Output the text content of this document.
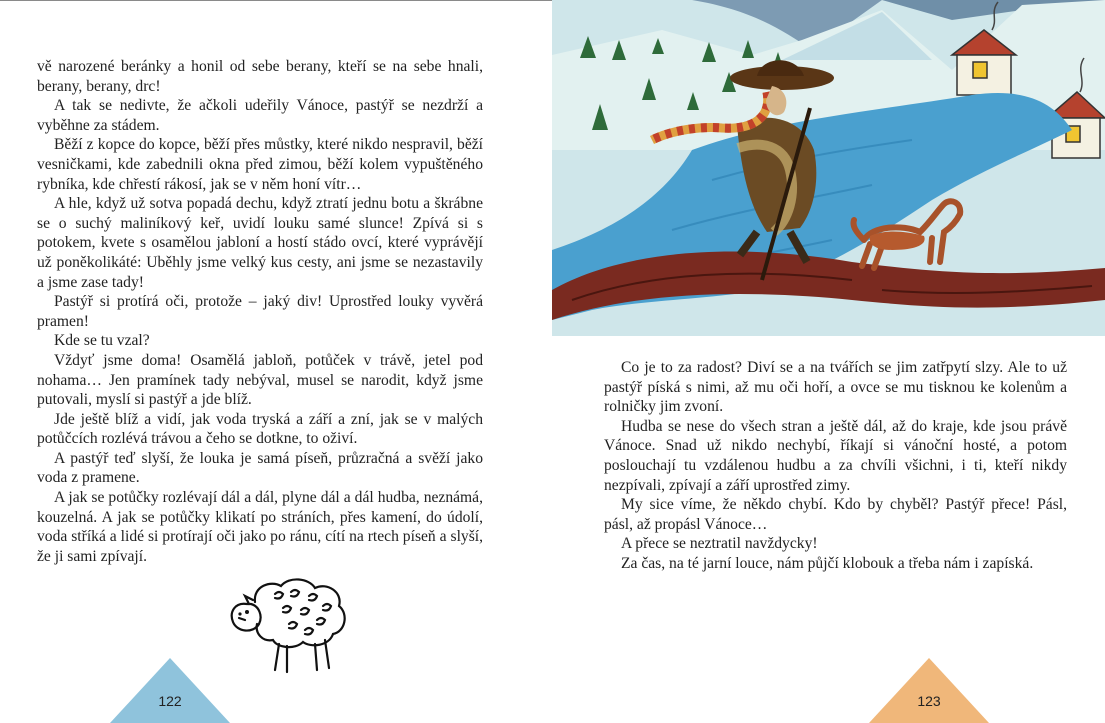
vě narozené beránky a honil od sebe berany, kteří se na sebe hnali, berany, berany, drc!

A tak se nedivte, že ačkoli udeřily Vánoce, pastýř se nezdrží a vyběhne za stádem.

Běží z kopce do kopce, běží přes můstky, které nikdo nespravil, běží vesničkami, kde zabednili okna před zimou, běží kolem vypuštěného rybníka, kde chřestí rákosí, jak se v něm honí vítr…

A hle, když už sotva popadá dechu, když ztratí jednu botu a škrábne se o suchý maliníkový keř, uvidí louku samé slunce! Zpívá si s potokem, kvete s osamělou jabloní a hostí stádo ovcí, které vyprávějí už poněkolikáté: Uběhly jsme velký kus cesty, ani jsme se nezastavily a jsme zase tady!

Pastýř si protírá oči, protože – jaký div! Uprostřed louky vyvěrá pramen!

Kde se tu vzal?

Vždyť jsme doma! Osamělá jabloň, potůček v trávě, jetel pod nohama… Jen pramínek tady nebýval, musel se narodit, když jsme putovali, myslí si pastýř a jde blíž.

Jde ještě blíž a vidí, jak voda tryská a září a zní, jak se v malých potůčcích rozlévá trávou a čeho se dotkne, to oživí.

A pastýř teď slyší, že louka je samá píseň, průzračná a svěží jako voda z pramene.

A jak se potůčky rozlévají dál a dál, plyne dál a dál hudba, neznámá, kouzelná. A jak se potůčky klikatí po stráních, přes kamení, do údolí, voda stříká a lidé si protírají oči jako po ránu, cítí na rtech píseň a slyší, že ji sami zpívají.

122

Co je to za radost? Diví se a na tvářích se jim zatřpytí slzy. Ale to už pastýř píská s nimi, až mu oči hoří, a ovce se mu tisknou ke kolenům a rolničky jim zvoní.

Hudba se nese do všech stran a ještě dál, až do kraje, kde jsou právě Vánoce. Snad už nikdo nechybí, říkají si vánoční hosté, a potom poslouchají tu vzdálenou hudbu a za chvíli všichni, i ti, kteří nikdy nezpívali, zpívají a září uprostřed zimy.

My sice víme, že někdo chybí. Kdo by chyběl? Pastýř přece! Pásl, pásl, až propásl Vánoce…

A přece se neztratil navždycky!

Za čas, na té jarní louce, nám půjčí klobouk a třeba nám i zapíská.

123
